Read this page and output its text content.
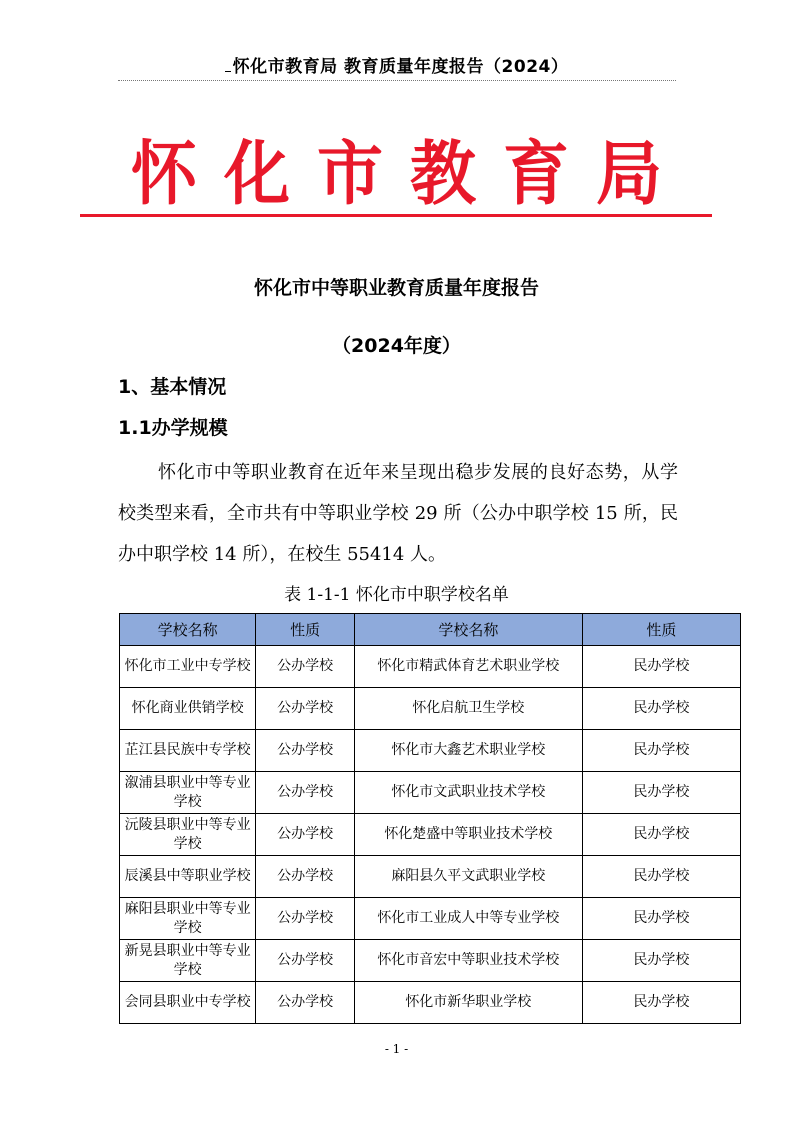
怀化市教育局 教育质量年度报告（2024）
怀化市教育局
怀化市中等职业教育质量年度报告
（2024年度）
1、基本情况
1.1办学规模
怀化市中等职业教育在近年来呈现出稳步发展的良好态势，从学校类型来看，全市共有中等职业学校 29 所（公办中职学校 15 所，民办中职学校 14 所），在校生 55414 人。
表 1-1-1 怀化市中职学校名单
学校名称	性质	学校名称	性质
怀化市工业中专学校	公办学校	怀化市精武体育艺术职业学校	民办学校
怀化商业供销学校	公办学校	怀化启航卫生学校	民办学校
芷江县民族中专学校	公办学校	怀化市大鑫艺术职业学校	民办学校
溆浦县职业中等专业学校	公办学校	怀化市文武职业技术学校	民办学校
沅陵县职业中等专业学校	公办学校	怀化楚盛中等职业技术学校	民办学校
辰溪县中等职业学校	公办学校	麻阳县久平文武职业学校	民办学校
麻阳县职业中等专业学校	公办学校	怀化市工业成人中等专业学校	民办学校
新晃县职业中等专业学校	公办学校	怀化市音宏中等职业技术学校	民办学校
会同县职业中专学校	公办学校	怀化市新华职业学校	民办学校
- 1 -
